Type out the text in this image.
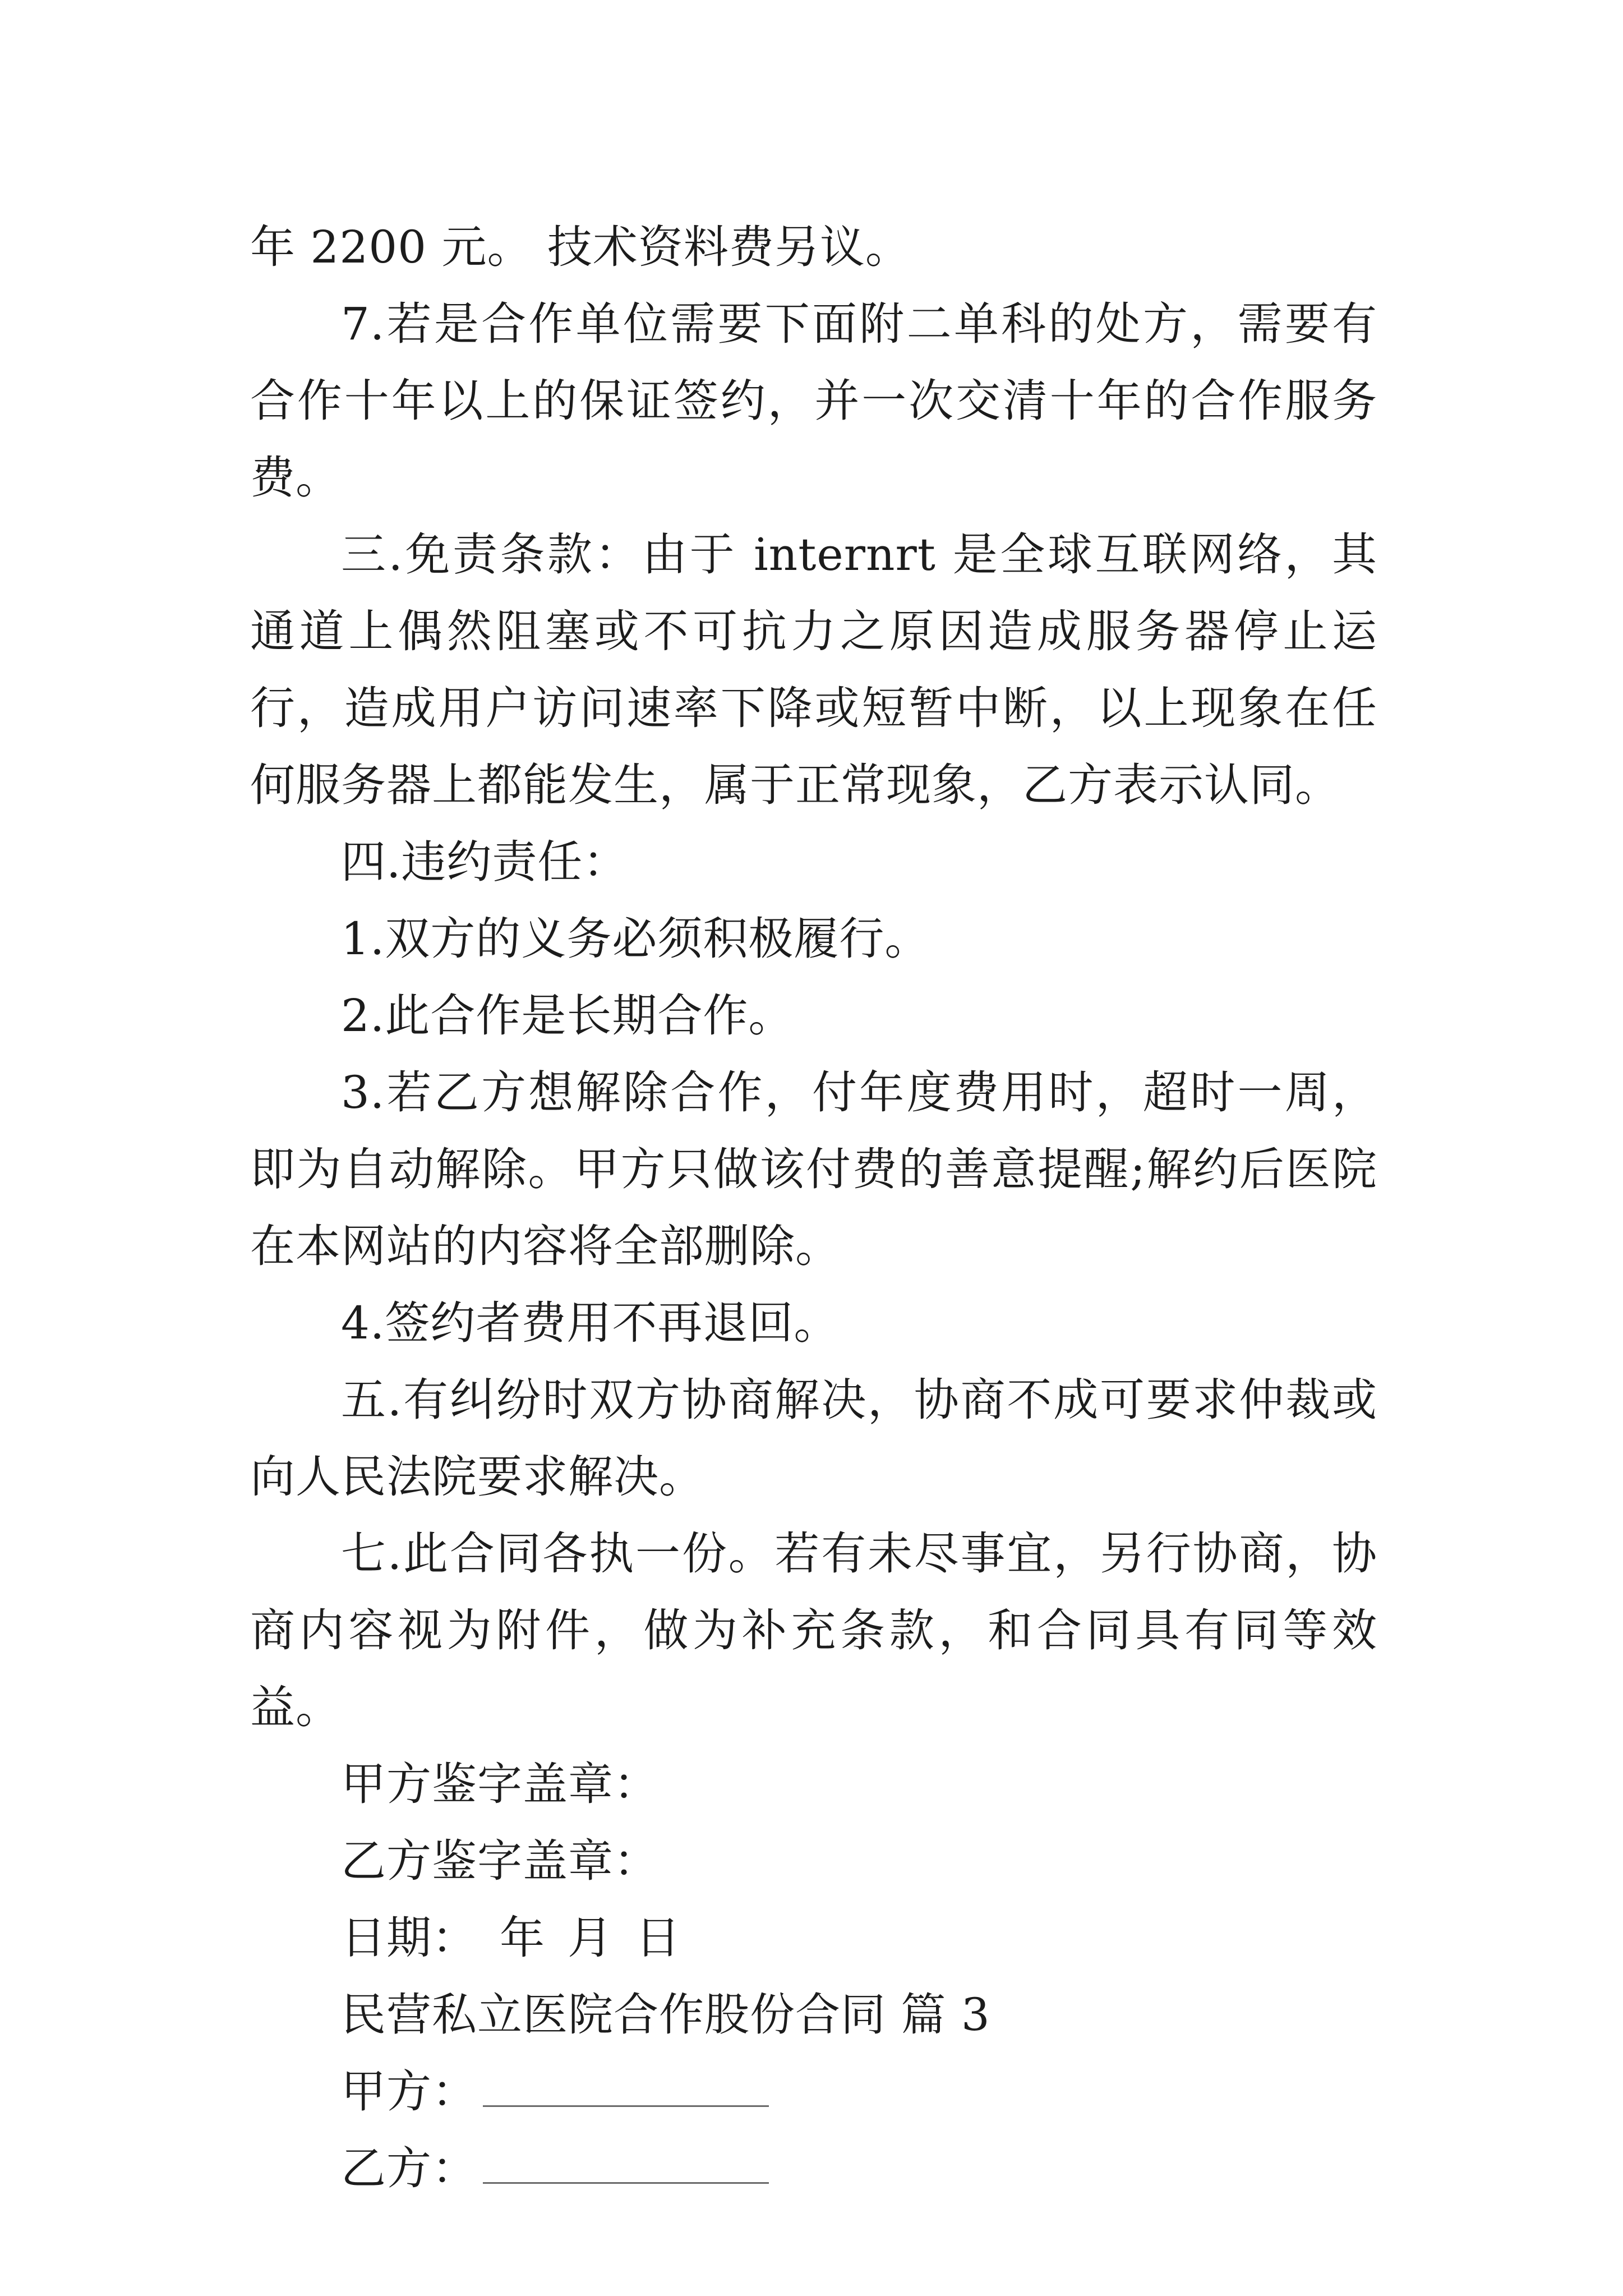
年 2200 元。 技术资料费另议。

7.若是合作单位需要下面附二单科的处方，需要有合作十年以上的保证签约，并一次交清十年的合作服务费。

三.免责条款：由于 internrt 是全球互联网络，其通道上偶然阻塞或不可抗力之原因造成服务器停止运行，造成用户访问速率下降或短暂中断，以上现象在任何服务器上都能发生，属于正常现象，乙方表示认同。

四.违约责任：

1.双方的义务必须积极履行。

2.此合作是长期合作。

3.若乙方想解除合作，付年度费用时，超时一周，即为自动解除。甲方只做该付费的善意提醒;解约后医院在本网站的内容将全部删除。

4.签约者费用不再退回。

五.有纠纷时双方协商解决，协商不成可要求仲裁或向人民法院要求解决。

七.此合同各执一份。若有未尽事宜，另行协商，协商内容视为附件，做为补充条款，和合同具有同等效益。

甲方鉴字盖章：

乙方鉴字盖章：

日期： 年 月 日

民营私立医院合作股份合同 篇 3

甲方：

乙方：
